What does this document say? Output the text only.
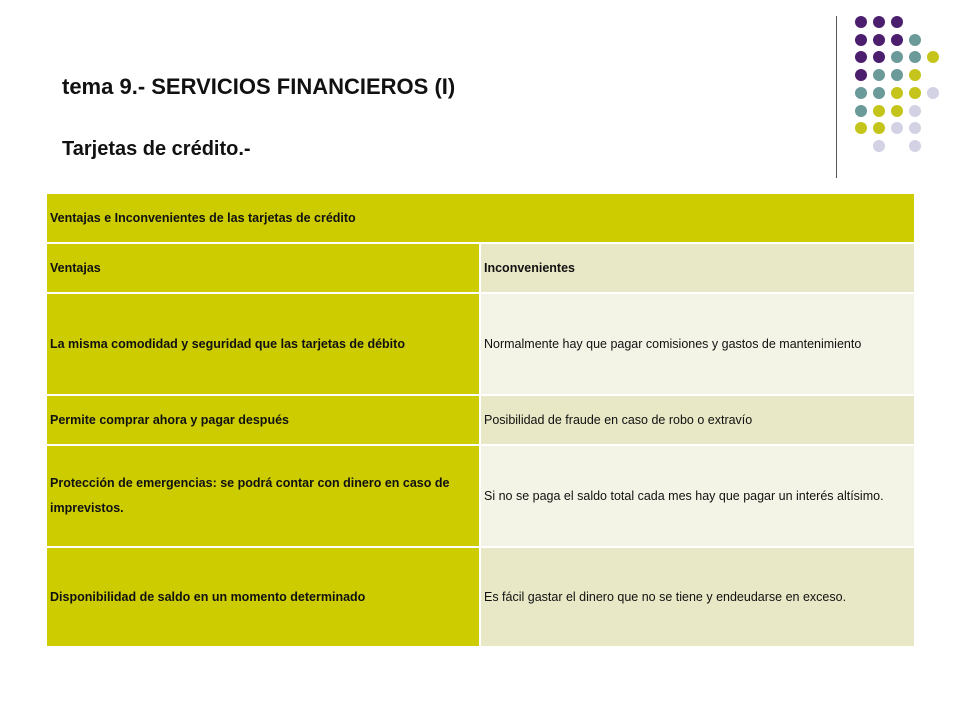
tema 9.- SERVICIOS FINANCIEROS (I)
Tarjetas de crédito.-
Ventajas e Inconvenientes de las tarjetas de crédito	
Ventajas	Inconvenientes
La misma comodidad y seguridad que las tarjetas de débito	Normalmente hay que pagar comisiones y gastos de mantenimiento
Permite comprar ahora y pagar después	Posibilidad de fraude en caso de robo o extravío
Protección de emergencias: se podrá contar con dinero en caso de imprevistos.	Si no se paga el saldo total cada mes hay que pagar un interés altísimo.
Disponibilidad de saldo en un momento determinado	Es fácil gastar el dinero que no se tiene y endeudarse en exceso.
